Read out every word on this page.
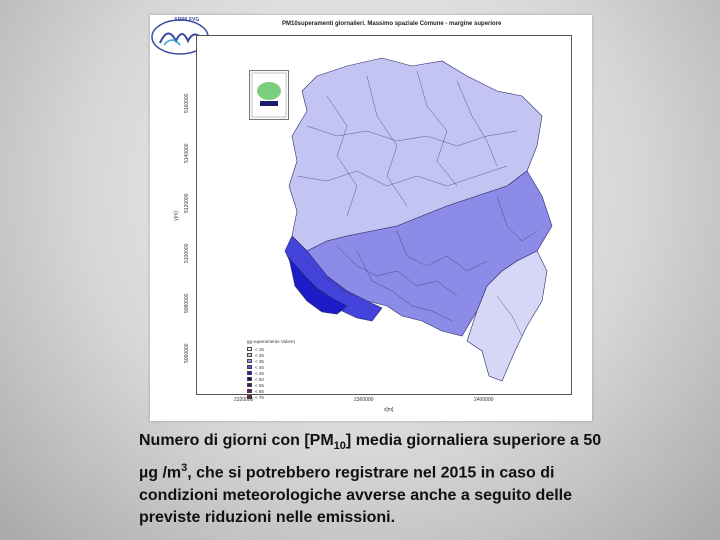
ARPA FVG
PM10superamenti giornalieri. Massimo spaziale Comune - margine superiore
gg superamento Valore)
< 15
< 25
< 35
< 45
< 45
< 50
< 55
< 65
< 75
5160000
5140000
5120000
5100000
5080000
5060000
y[m]
2320000	2360000	2400000
x[m]
Numero di giorni con $[PM_{10}]$ media giornaliera superiore a 50 µg $/m^3$, che si potrebbero registrare nel 2015 in caso di condizioni meteorologiche avverse anche a seguito delle previste riduzioni nelle emissioni.
